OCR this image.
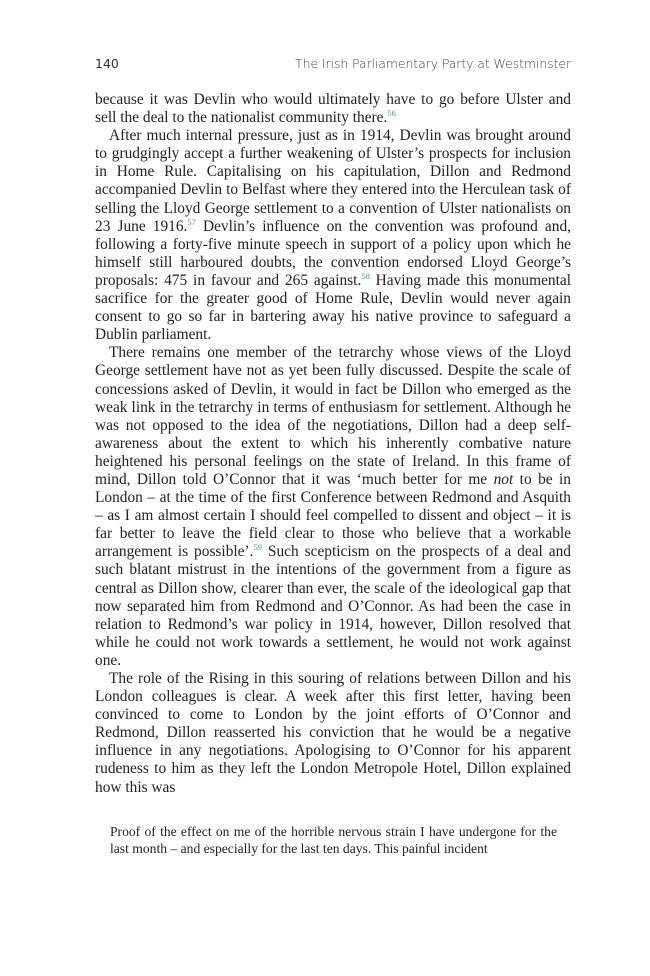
140	The Irish Parliamentary Party at Westminster

because it was Devlin who would ultimately have to go before Ulster and sell the deal to the nationalist community there.$^{56}$

After much internal pressure, just as in 1914, Devlin was brought around to grudgingly accept a further weakening of Ulster’s prospects for inclusion in Home Rule. Capitalising on his capitulation, Dillon and Redmond accompanied Devlin to Belfast where they entered into the Herculean task of selling the Lloyd George settlement to a convention of Ulster nationalists on 23 June 1916.57 Devlin’s influence on the convention was profound and, following a forty-five minute speech in support of a policy upon which he himself still harboured doubts, the convention endorsed Lloyd George’s proposals: 475 in favour and 265 against.$^{58}$ Having made this monumental sacrifice for the greater good of Home Rule, Devlin would never again consent to go so far in bartering away his native province to safeguard a Dublin parliament.

There remains one member of the tetrarchy whose views of the Lloyd George settlement have not as yet been fully discussed. Despite the scale of concessions asked of Devlin, it would in fact be Dillon who emerged as the weak link in the tetrarchy in terms of enthusiasm for settlement. Although he was not opposed to the idea of the negotiations, Dillon had a deep self-awareness about the extent to which his inherently combative nature heightened his personal feelings on the state of Ireland. In this frame of mind, Dillon told O’Connor that it was ‘much better for me not to be in London – at the time of the first Conference between Redmond and Asquith – as I am almost certain I should feel compelled to dissent and object – it is far better to leave the field clear to those who believe that a workable arrangement is possible’.$^{59}$ Such scepticism on the prospects of a deal and such blatant mistrust in the intentions of the government from a figure as central as Dillon show, clearer than ever, the scale of the ideological gap that now separated him from Redmond and O’Connor. As had been the case in relation to Redmond’s war policy in 1914, however, Dillon resolved that while he could not work towards a settlement, he would not work against one.

The role of the Rising in this souring of relations between Dillon and his London colleagues is clear. A week after this first letter, having been convinced to come to London by the joint efforts of O’Connor and Redmond, Dillon reasserted his conviction that he would be a negative influence in any negotiations. Apologising to O’Connor for his apparent rudeness to him as they left the London Metropole Hotel, Dillon explained how this was

Proof of the effect on me of the horrible nervous strain I have undergone for the last month – and especially for the last ten days. This painful incident
